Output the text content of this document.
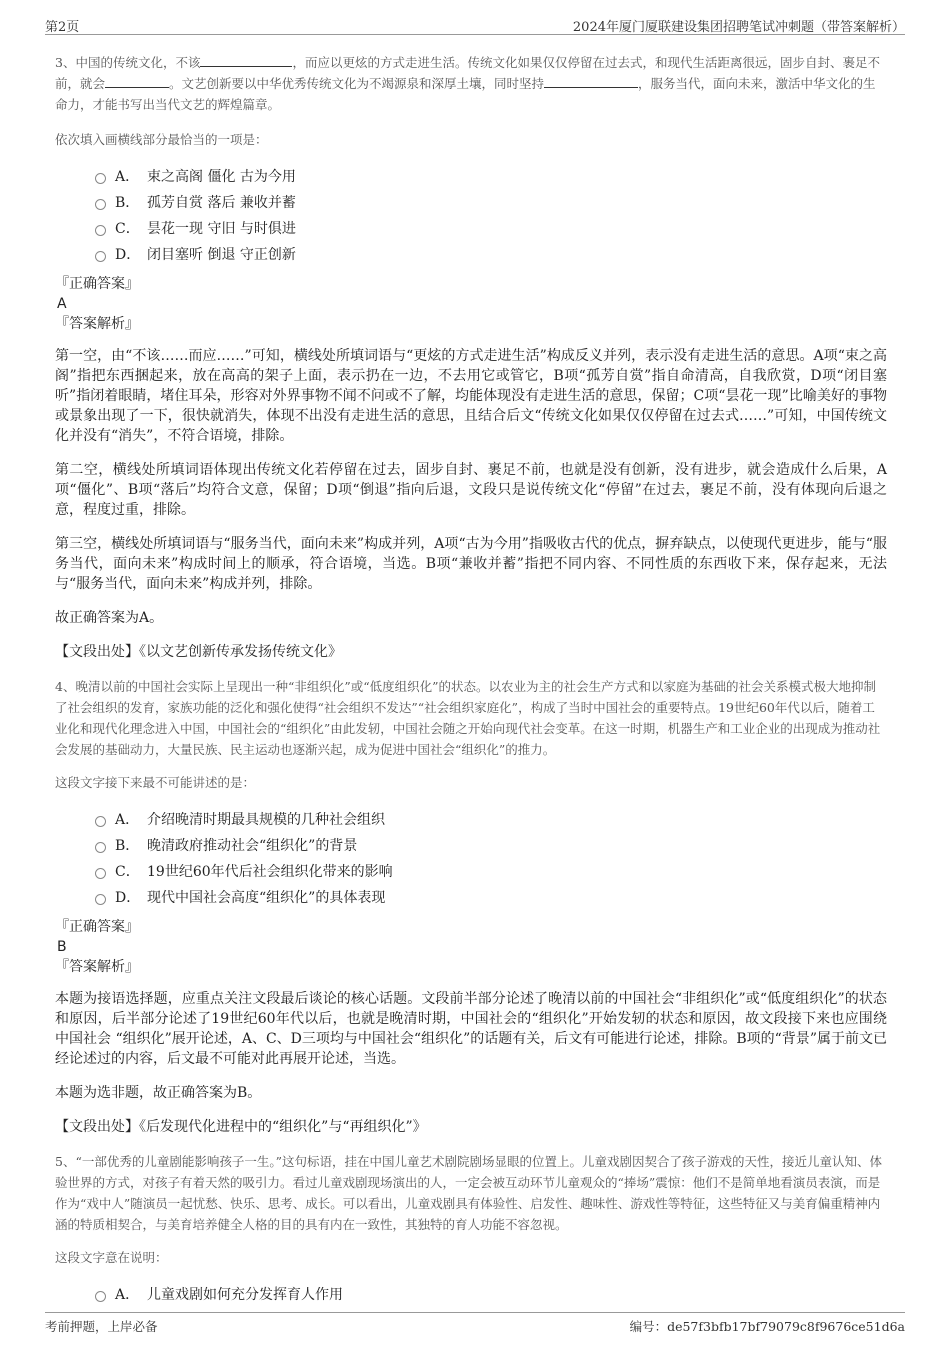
第2页	2024年厦门厦联建设集团招聘笔试冲刺题（带答案解析）

3、中国的传统文化，不该	，而应以更炫的方式走进生活。传统文化如果仅仅停留在过去式，和现代生活距离很远，固步自封、裹足不前，就会	。文艺创新要以中华优秀传统文化为不竭源泉和深厚土壤，同时坚持	，服务当代，面向未来，激活中华文化的生命力，才能书写出当代文艺的辉煌篇章。

依次填入画横线部分最恰当的一项是：

A． 束之高阁 僵化 古为今用
B． 孤芳自赏 落后 兼收并蓄
C． 昙花一现 守旧 与时俱进
D． 闭目塞听 倒退 守正创新

『正确答案』

A

『答案解析』

第一空，由“不该……而应……”可知，横线处所填词语与“更炫的方式走进生活”构成反义并列，表示没有走进生活的意思。A项“束之高阁”指把东西捆起来，放在高高的架子上面，表示扔在一边，不去用它或管它，B项“孤芳自赏”指自命清高，自我欣赏，D项“闭目塞听”指闭着眼睛，堵住耳朵，形容对外界事物不闻不问或不了解，均能体现没有走进生活的意思，保留；C项“昙花一现”比喻美好的事物或景象出现了一下，很快就消失，体现不出没有走进生活的意思，且结合后文“传统文化如果仅仅停留在过去式……”可知，中国传统文化并没有“消失”，不符合语境，排除。

第二空，横线处所填词语体现出传统文化若停留在过去，固步自封、裹足不前，也就是没有创新，没有进步，就会造成什么后果，A项“僵化”、B项“落后”均符合文意，保留；D项“倒退”指向后退，文段只是说传统文化“停留”在过去，裹足不前，没有体现向后退之意，程度过重，排除。

第三空，横线处所填词语与“服务当代，面向未来”构成并列，A项“古为今用”指吸收古代的优点，摒弃缺点，以使现代更进步，能与“服务当代，面向未来”构成时间上的顺承，符合语境，当选。B项“兼收并蓄”指把不同内容、不同性质的东西收下来，保存起来，无法与“服务当代，面向未来”构成并列，排除。

故正确答案为A。

【文段出处】《以文艺创新传承发扬传统文化》

4、晚清以前的中国社会实际上呈现出一种“非组织化”或“低度组织化”的状态。以农业为主的社会生产方式和以家庭为基础的社会关系模式极大地抑制了社会组织的发育，家族功能的泛化和强化使得“社会组织不发达”“社会组织家庭化”，构成了当时中国社会的重要特点。19世纪60年代以后，随着工业化和现代化理念进入中国，中国社会的“组织化”由此发轫，中国社会随之开始向现代社会变革。在这一时期，机器生产和工业企业的出现成为推动社会发展的基础动力，大量民族、民主运动也逐渐兴起，成为促进中国社会“组织化”的推力。

这段文字接下来最不可能讲述的是：

A． 介绍晚清时期最具规模的几种社会组织
B． 晚清政府推动社会“组织化”的背景
C． 19世纪60年代后社会组织化带来的影响
D． 现代中国社会高度“组织化”的具体表现

『正确答案』

B

『答案解析』

本题为接语选择题，应重点关注文段最后谈论的核心话题。文段前半部分论述了晚清以前的中国社会“非组织化”或“低度组织化”的状态和原因，后半部分论述了19世纪60年代以后，也就是晚清时期，中国社会的“组织化”开始发轫的状态和原因，故文段接下来也应围绕中国社会 “组织化”展开论述，A、C、D三项均与中国社会“组织化”的话题有关，后文有可能进行论述，排除。B项的“背景”属于前文已经论述过的内容，后文最不可能对此再展开论述，当选。

本题为选非题，故正确答案为B。

【文段出处】《后发现代化进程中的“组织化”与“再组织化”》

5、“一部优秀的儿童剧能影响孩子一生。”这句标语，挂在中国儿童艺术剧院剧场显眼的位置上。儿童戏剧因契合了孩子游戏的天性，接近儿童认知、体验世界的方式，对孩子有着天然的吸引力。看过儿童戏剧现场演出的人，一定会被互动环节儿童观众的“捧场”震惊：他们不是简单地看演员表演，而是作为“戏中人”随演员一起忧愁、快乐、思考、成长。可以看出，儿童戏剧具有体验性、启发性、趣味性、游戏性等特征，这些特征又与美育偏重精神内涵的特质相契合，与美育培养健全人格的目的具有内在一致性，其独特的育人功能不容忽视。

这段文字意在说明：

A． 儿童戏剧如何充分发挥育人作用
考前押题，上岸必备	编号：de57f3bfb17bf79079c8f9676ce51d6a
